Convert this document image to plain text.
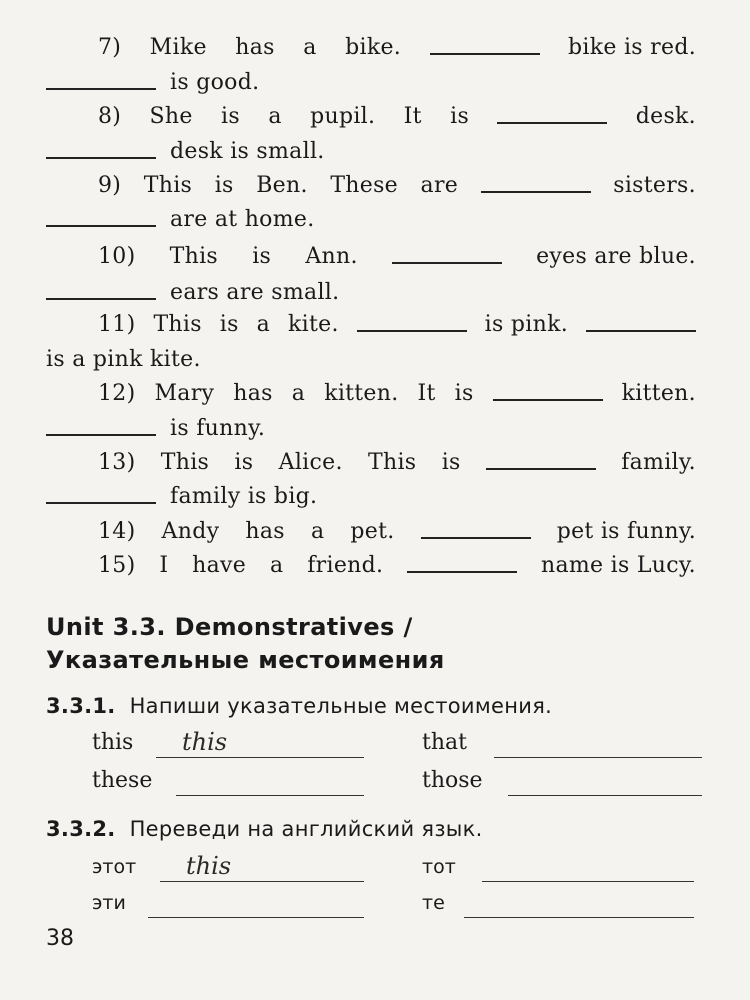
7) Mike has a bike.	bike is red.
is good.
8) She is a pupil. It is	desk.
desk is small.
9) This is Ben. These are	sisters.
are at home.
10) This is Ann.	eyes are blue.
ears are small.
11) This is a kite.	is pink.
is a pink kite.
12) Mary has a kitten. It is	kitten.
is funny.
13) This is Alice. This is	family.
family is big.
14) Andy has a pet.	pet is funny.
15) I have a friend.	name is Lucy.
Unit 3.3. Demonstratives /
Указательные местоимения
3.3.1. Напиши указательные местоимения.
this this	that
these	those
3.3.2. Переведи на английский язык.
этот this	тот
эти	те
38
